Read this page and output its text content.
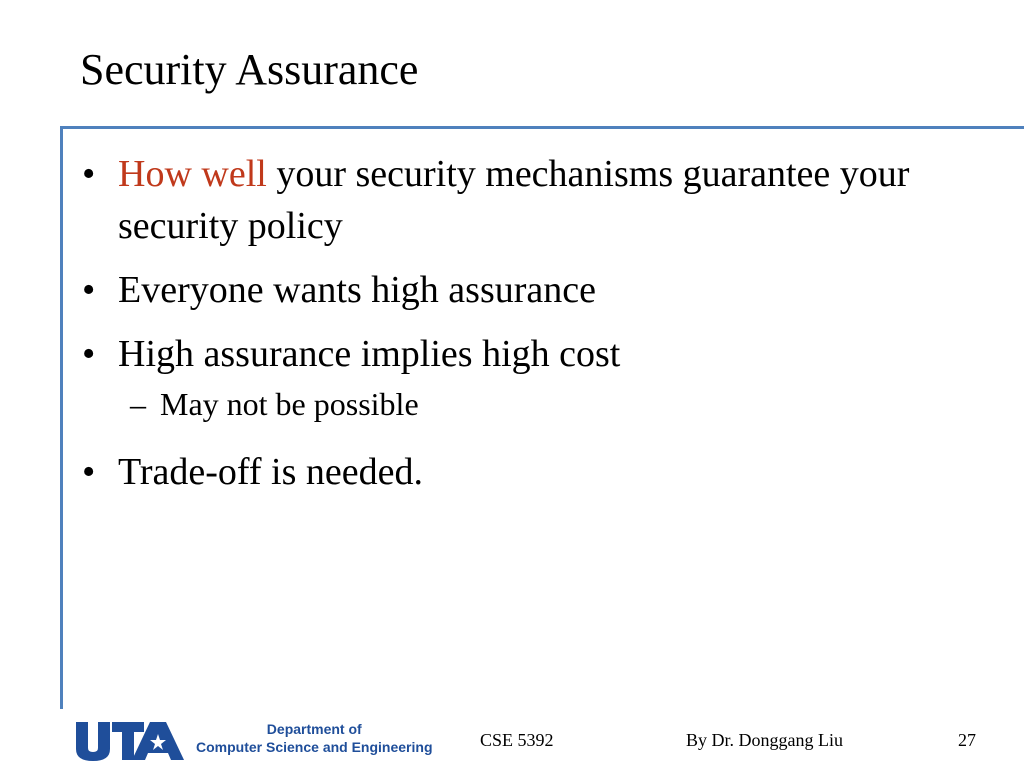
Security Assurance
• How well your security mechanisms guarantee your security policy
• Everyone wants high assurance
• High assurance implies high cost
– May not be possible
• Trade-off is needed.
Department of
Computer Science and Engineering	CSE 5392	By Dr. Donggang Liu	27
